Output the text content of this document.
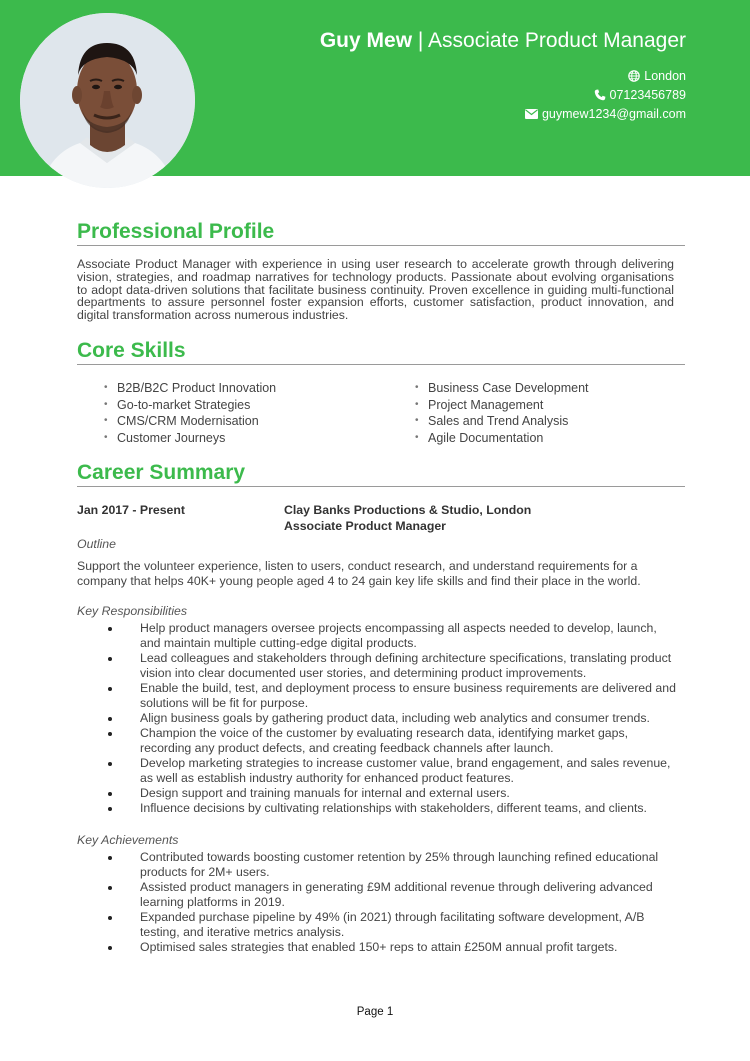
Guy Mew | Associate Product Manager
London
07123456789
guymew1234@gmail.com
Professional Profile
Associate Product Manager with experience in using user research to accelerate growth through delivering vision, strategies, and roadmap narratives for technology products. Passionate about evolving organisations to adopt data-driven solutions that facilitate business continuity. Proven excellence in guiding multi-functional departments to assure personnel foster expansion efforts, customer satisfaction, product innovation, and digital transformation across numerous industries.
Core Skills
• B2B/B2C Product Innovation
• Go-to-market Strategies
• CMS/CRM Modernisation
• Customer Journeys
• Business Case Development
• Project Management
• Sales and Trend Analysis
• Agile Documentation
Career Summary
Jan 2017 - Present	Clay Banks Productions & Studio, London
Associate Product Manager
Outline
Support the volunteer experience, listen to users, conduct research, and understand requirements for a company that helps 40K+ young people aged 4 to 24 gain key life skills and find their place in the world.
Key Responsibilities
Help product managers oversee projects encompassing all aspects needed to develop, launch, and maintain multiple cutting-edge digital products.
Lead colleagues and stakeholders through defining architecture specifications, translating product vision into clear documented user stories, and determining product improvements.
Enable the build, test, and deployment process to ensure business requirements are delivered and solutions will be fit for purpose.
Align business goals by gathering product data, including web analytics and consumer trends.
Champion the voice of the customer by evaluating research data, identifying market gaps, recording any product defects, and creating feedback channels after launch.
Develop marketing strategies to increase customer value, brand engagement, and sales revenue, as well as establish industry authority for enhanced product features.
Design support and training manuals for internal and external users.
Influence decisions by cultivating relationships with stakeholders, different teams, and clients.
Key Achievements
Contributed towards boosting customer retention by 25% through launching refined educational products for 2M+ users.
Assisted product managers in generating £9M additional revenue through delivering advanced learning platforms in 2019.
Expanded purchase pipeline by 49% (in 2021) through facilitating software development, A/B testing, and iterative metrics analysis.
Optimised sales strategies that enabled 150+ reps to attain £250M annual profit targets.
Page 1
